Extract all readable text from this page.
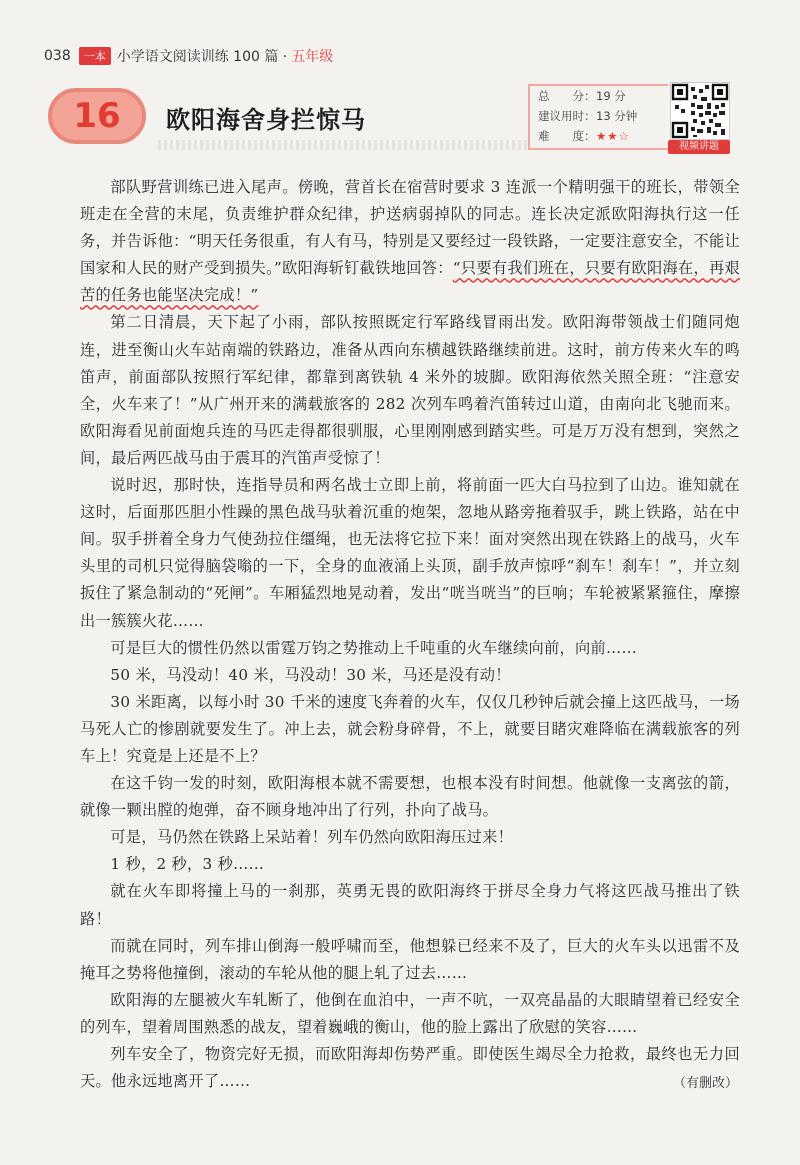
038	一本 小学语文阅读训练 100 篇 · 五年级
16 欧阳海舍身拦惊马
总　　分： 19 分
建议用时： 13 分钟
难　　度： ★★☆
视频讲题

部队野营训练已进入尾声。傍晚，营首长在宿营时要求 3 连派一个精明强干的班长，带领全班走在全营的末尾，负责维护群众纪律，护送病弱掉队的同志。连长决定派欧阳海执行这一任务，并告诉他：“明天任务很重，有人有马，特别是又要经过一段铁路，一定要注意安全，不能让国家和人民的财产受到损失。”欧阳海斩钉截铁地回答：“只要有我们班在，只要有欧阳海在，再艰苦的任务也能坚决完成！”

第二日清晨，天下起了小雨，部队按照既定行军路线冒雨出发。欧阳海带领战士们随同炮连，进至衡山火车站南端的铁路边，准备从西向东横越铁路继续前进。这时，前方传来火车的鸣笛声，前面部队按照行军纪律，都靠到离铁轨 4 米外的坡脚。欧阳海依然关照全班：“注意安全，火车来了！”从广州开来的满载旅客的 282 次列车鸣着汽笛转过山道，由南向北飞驰而来。欧阳海看见前面炮兵连的马匹走得都很驯服，心里刚刚感到踏实些。可是万万没有想到，突然之间，最后两匹战马由于震耳的汽笛声受惊了！

说时迟，那时快，连指导员和两名战士立即上前，将前面一匹大白马拉到了山边。谁知就在这时，后面那匹胆小性躁的黑色战马驮着沉重的炮架，忽地从路旁拖着驭手，跳上铁路，站在中间。驭手拼着全身力气使劲拉住缰绳，也无法将它拉下来！面对突然出现在铁路上的战马，火车头里的司机只觉得脑袋嗡的一下，全身的血液涌上头顶，副手放声惊呼“刹车！刹车！”，并立刻扳住了紧急制动的“死闸”。车厢猛烈地晃动着，发出“咣当咣当”的巨响；车轮被紧紧箍住，摩擦出一簇簇火花……

可是巨大的惯性仍然以雷霆万钧之势推动上千吨重的火车继续向前，向前……

50 米，马没动！40 米，马没动！30 米，马还是没有动！

30 米距离，以每小时 30 千米的速度飞奔着的火车，仅仅几秒钟后就会撞上这匹战马，一场马死人亡的惨剧就要发生了。冲上去，就会粉身碎骨，不上，就要目睹灾难降临在满载旅客的列车上！究竟是上还是不上？

在这千钧一发的时刻，欧阳海根本就不需要想，也根本没有时间想。他就像一支离弦的箭，就像一颗出膛的炮弹，奋不顾身地冲出了行列，扑向了战马。

可是，马仍然在铁路上呆站着！列车仍然向欧阳海压过来！

1 秒，2 秒，3 秒……

就在火车即将撞上马的一刹那，英勇无畏的欧阳海终于拼尽全身力气将这匹战马推出了铁路！

而就在同时，列车排山倒海一般呼啸而至，他想躲已经来不及了，巨大的火车头以迅雷不及掩耳之势将他撞倒，滚动的车轮从他的腿上轧了过去……

欧阳海的左腿被火车轧断了，他倒在血泊中，一声不吭，一双亮晶晶的大眼睛望着已经安全的列车，望着周围熟悉的战友，望着巍峨的衡山，他的脸上露出了欣慰的笑容……

列车安全了，物资完好无损，而欧阳海却伤势严重。即使医生竭尽全力抢救，最终也无力回天。他永远地离开了……	（有删改）
